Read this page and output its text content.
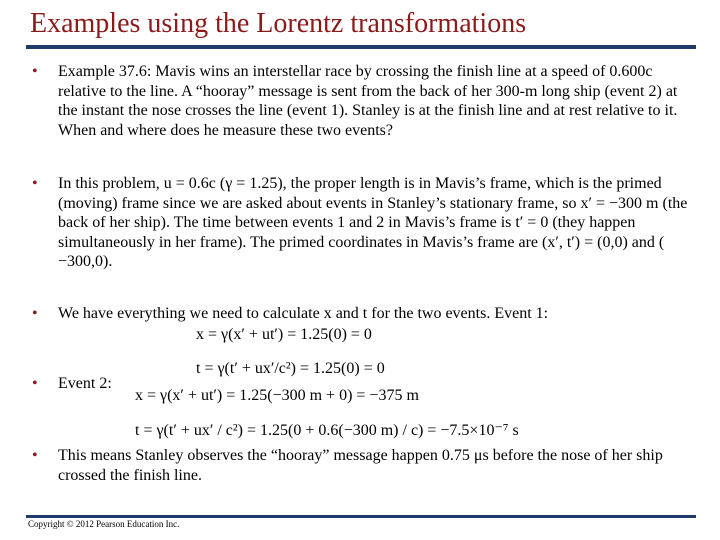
Examples using the Lorentz transformations
• Example 37.6: Mavis wins an interstellar race by crossing the finish line at a speed of 0.600c relative to the line. A “hooray” message is sent from the back of her 300-m long ship (event 2) at the instant the nose crosses the line (event 1). Stanley is at the finish line and at rest relative to it. When and where does he measure these two events?
• In this problem, u = 0.6c (γ = 1.25), the proper length is in Mavis’s frame, which is the primed (moving) frame since we are asked about events in Stanley’s stationary frame, so x′ = −300 m (the back of her ship). The time between events 1 and 2 in Mavis’s frame is t′ = 0 (they happen simultaneously in her frame). The primed coordinates in Mavis’s frame are (x′, t′) = (0,0) and ( −300,0).
• We have everything we need to calculate x and t for the two events. Event 1:
• Event 2:
• This means Stanley observes the “hooray” message happen 0.75 μs before the nose of her ship crossed the finish line.
x = γ(x′ + ut′) = 1.25(0) = 0
t = γ(t′ + ux′/c²) = 1.25(0) = 0
x = γ(x′ + ut′) = 1.25(−300 m + 0) = −375 m
t = γ(t′ + ux′ / c²) = 1.25(0 + 0.6(−300 m) / c) = −7.5×10⁻⁷ s
Copyright © 2012 Pearson Education Inc.
